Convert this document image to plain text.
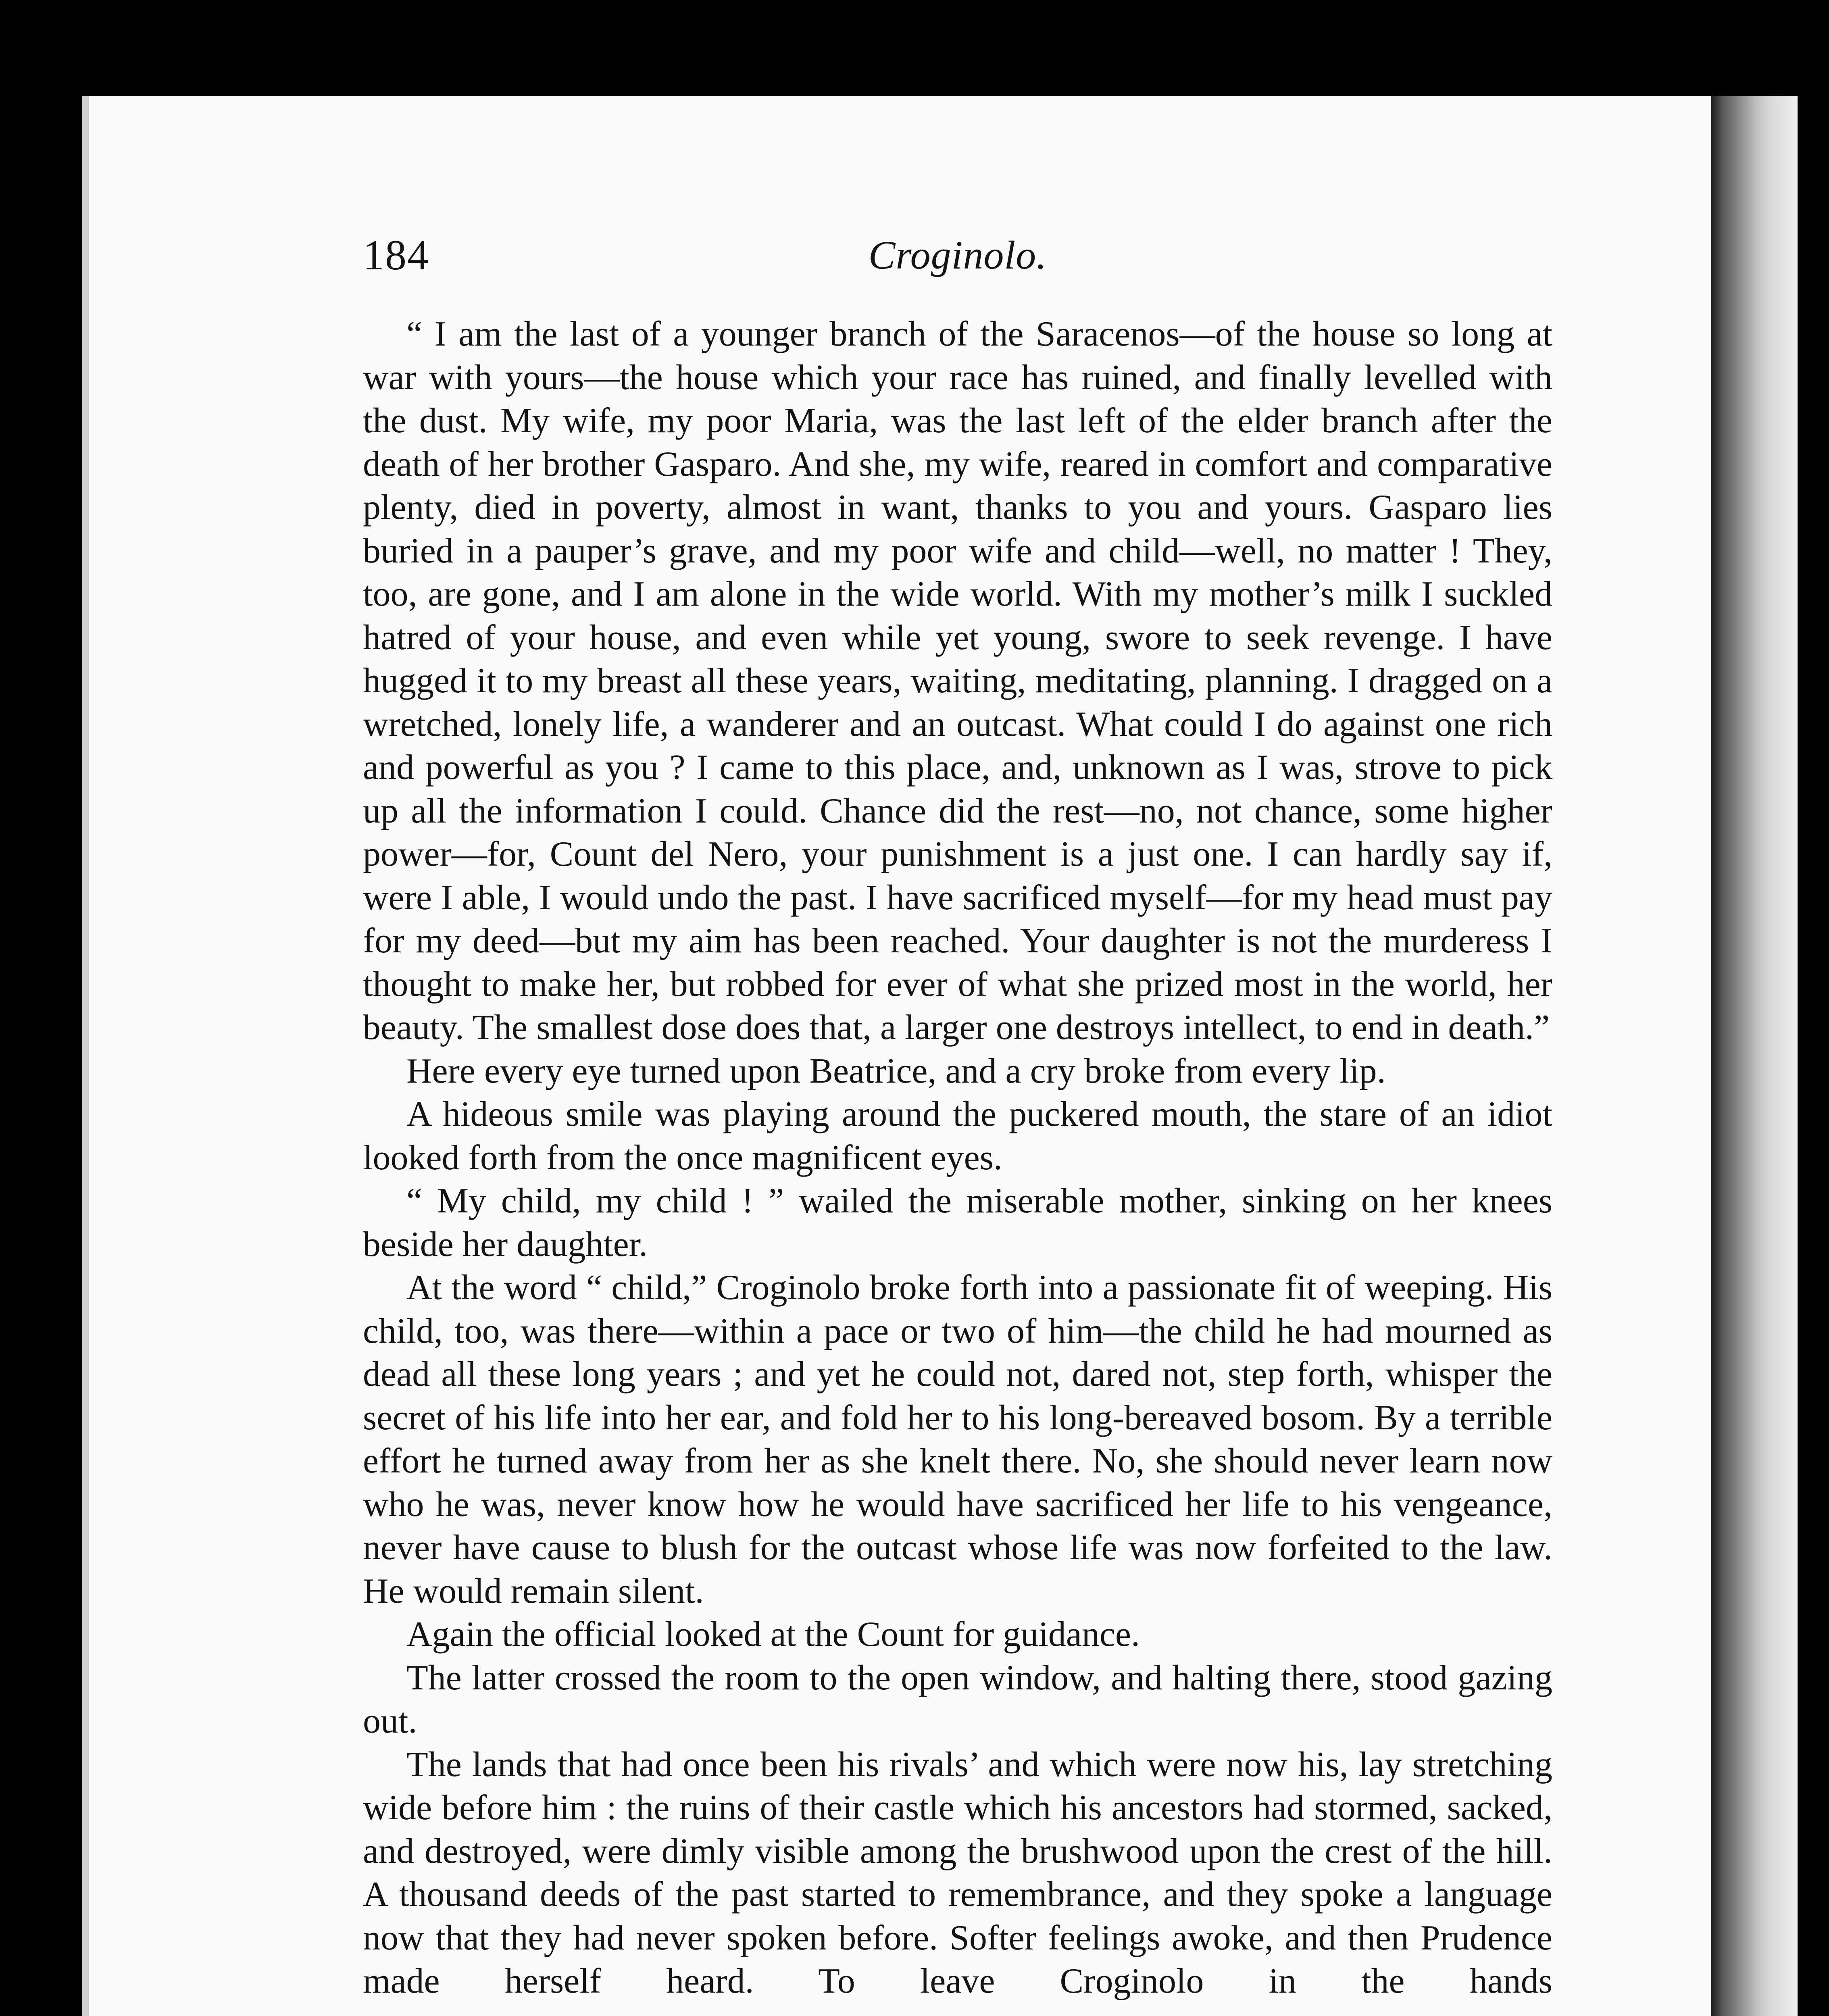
184	Croginolo.

“ I am the last of a younger branch of the Saracenos—of the house so long at war with yours—the house which your race has ruined, and finally levelled with the dust. My wife, my poor Maria, was the last left of the elder branch after the death of her brother Gasparo. And she, my wife, reared in comfort and comparative plenty, died in poverty, almost in want, thanks to you and yours. Gasparo lies buried in a pauper’s grave, and my poor wife and child—well, no matter ! They, too, are gone, and I am alone in the wide world. With my mother’s milk I suckled hatred of your house, and even while yet young, swore to seek revenge. I have hugged it to my breast all these years, waiting, meditating, planning. I dragged on a wretched, lonely life, a wanderer and an outcast. What could I do against one rich and powerful as you ? I came to this place, and, unknown as I was, strove to pick up all the information I could. Chance did the rest—no, not chance, some higher power—for, Count del Nero, your punishment is a just one. I can hardly say if, were I able, I would undo the past. I have sacrificed myself—for my head must pay for my deed—but my aim has been reached. Your daughter is not the murderess I thought to make her, but robbed for ever of what she prized most in the world, her beauty. The smallest dose does that, a larger one destroys intellect, to end in death.”

Here every eye turned upon Beatrice, and a cry broke from every lip.

A hideous smile was playing around the puckered mouth, the stare of an idiot looked forth from the once magnificent eyes.

“ My child, my child ! ” wailed the miserable mother, sinking on her knees beside her daughter.

At the word “ child,” Croginolo broke forth into a passionate fit of weeping. His child, too, was there—within a pace or two of him—the child he had mourned as dead all these long years ; and yet he could not, dared not, step forth, whisper the secret of his life into her ear, and fold her to his long-bereaved bosom. By a terrible effort he turned away from her as she knelt there. No, she should never learn now who he was, never know how he would have sacrificed her life to his vengeance, never have cause to blush for the outcast whose life was now forfeited to the law. He would remain silent.

Again the official looked at the Count for guidance.

The latter crossed the room to the open window, and halting there, stood gazing out.

The lands that had once been his rivals’ and which were now his, lay stretching wide before him : the ruins of their castle which his ancestors had stormed, sacked, and destroyed, were dimly visible among the brushwood upon the crest of the hill. A thousand deeds of the past started to remembrance, and they spoke a language now that they had never spoken before. Softer feelings awoke, and then Prudence made herself heard. To leave Croginolo in the hands
